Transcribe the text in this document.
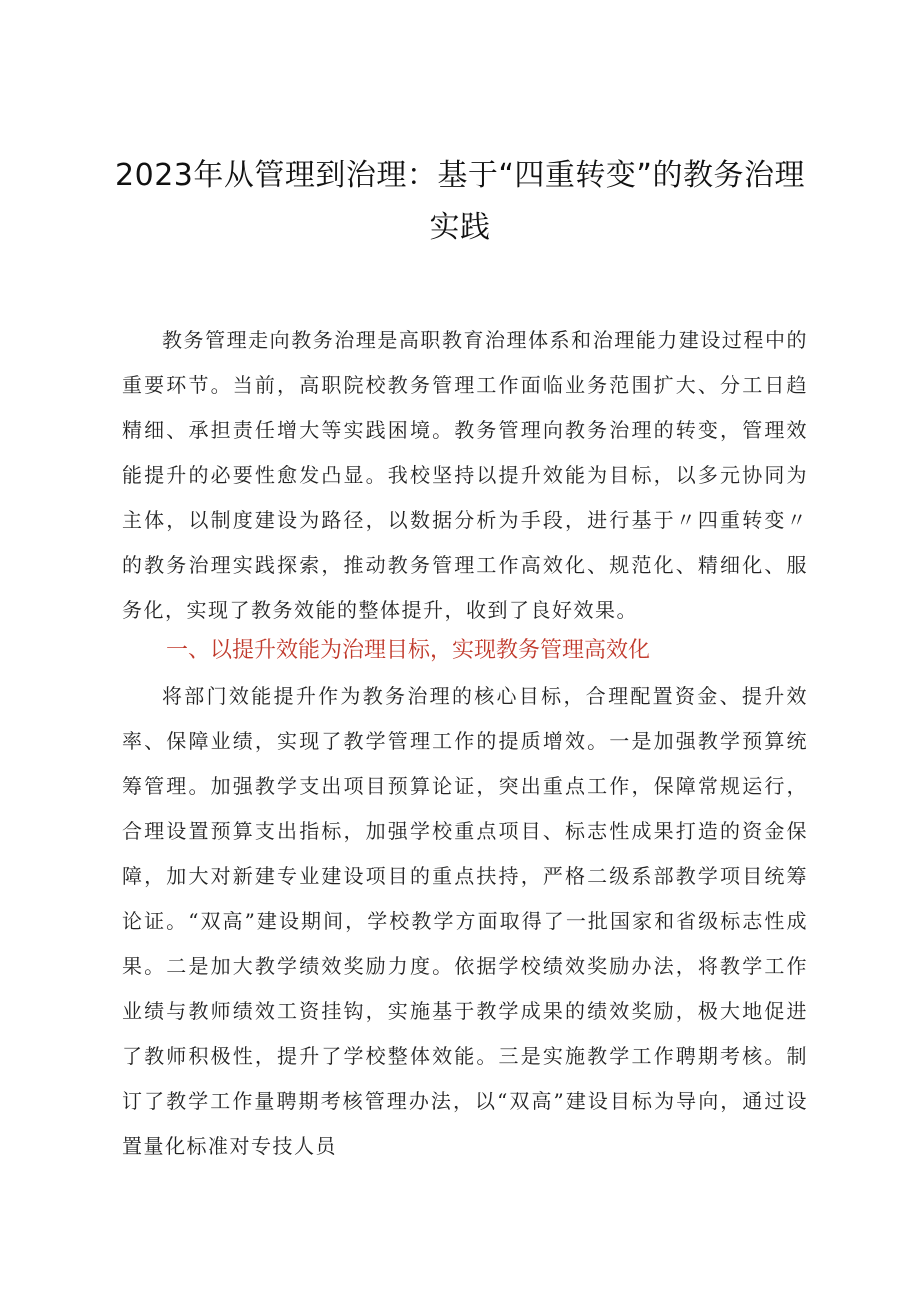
2023年从管理到治理：基于“四重转变”的教务治理实践

教务管理走向教务治理是高职教育治理体系和治理能力建设过程中的重要环节。当前，高职院校教务管理工作面临业务范围扩大、分工日趋精细、承担责任增大等实践困境。教务管理向教务治理的转变，管理效能提升的必要性愈发凸显。我校坚持以提升效能为目标，以多元协同为主体，以制度建设为路径，以数据分析为手段，进行基于〃四重转变〃的教务治理实践探索，推动教务管理工作高效化、规范化、精细化、服务化，实现了教务效能的整体提升，收到了良好效果。

一、以提升效能为治理目标，实现教务管理高效化

将部门效能提升作为教务治理的核心目标，合理配置资金、提升效率、保障业绩，实现了教学管理工作的提质增效。一是加强教学预算统筹管理。加强教学支出项目预算论证，突出重点工作，保障常规运行，合理设置预算支出指标，加强学校重点项目、标志性成果打造的资金保障，加大对新建专业建设项目的重点扶持，严格二级系部教学项目统筹论证。“双高”建设期间，学校教学方面取得了一批国家和省级标志性成果。二是加大教学绩效奖励力度。依据学校绩效奖励办法，将教学工作业绩与教师绩效工资挂钩，实施基于教学成果的绩效奖励，极大地促进了教师积极性，提升了学校整体效能。三是实施教学工作聘期考核。制订了教学工作量聘期考核管理办法，以“双高”建设目标为导向，通过设置量化标准对专技人员
